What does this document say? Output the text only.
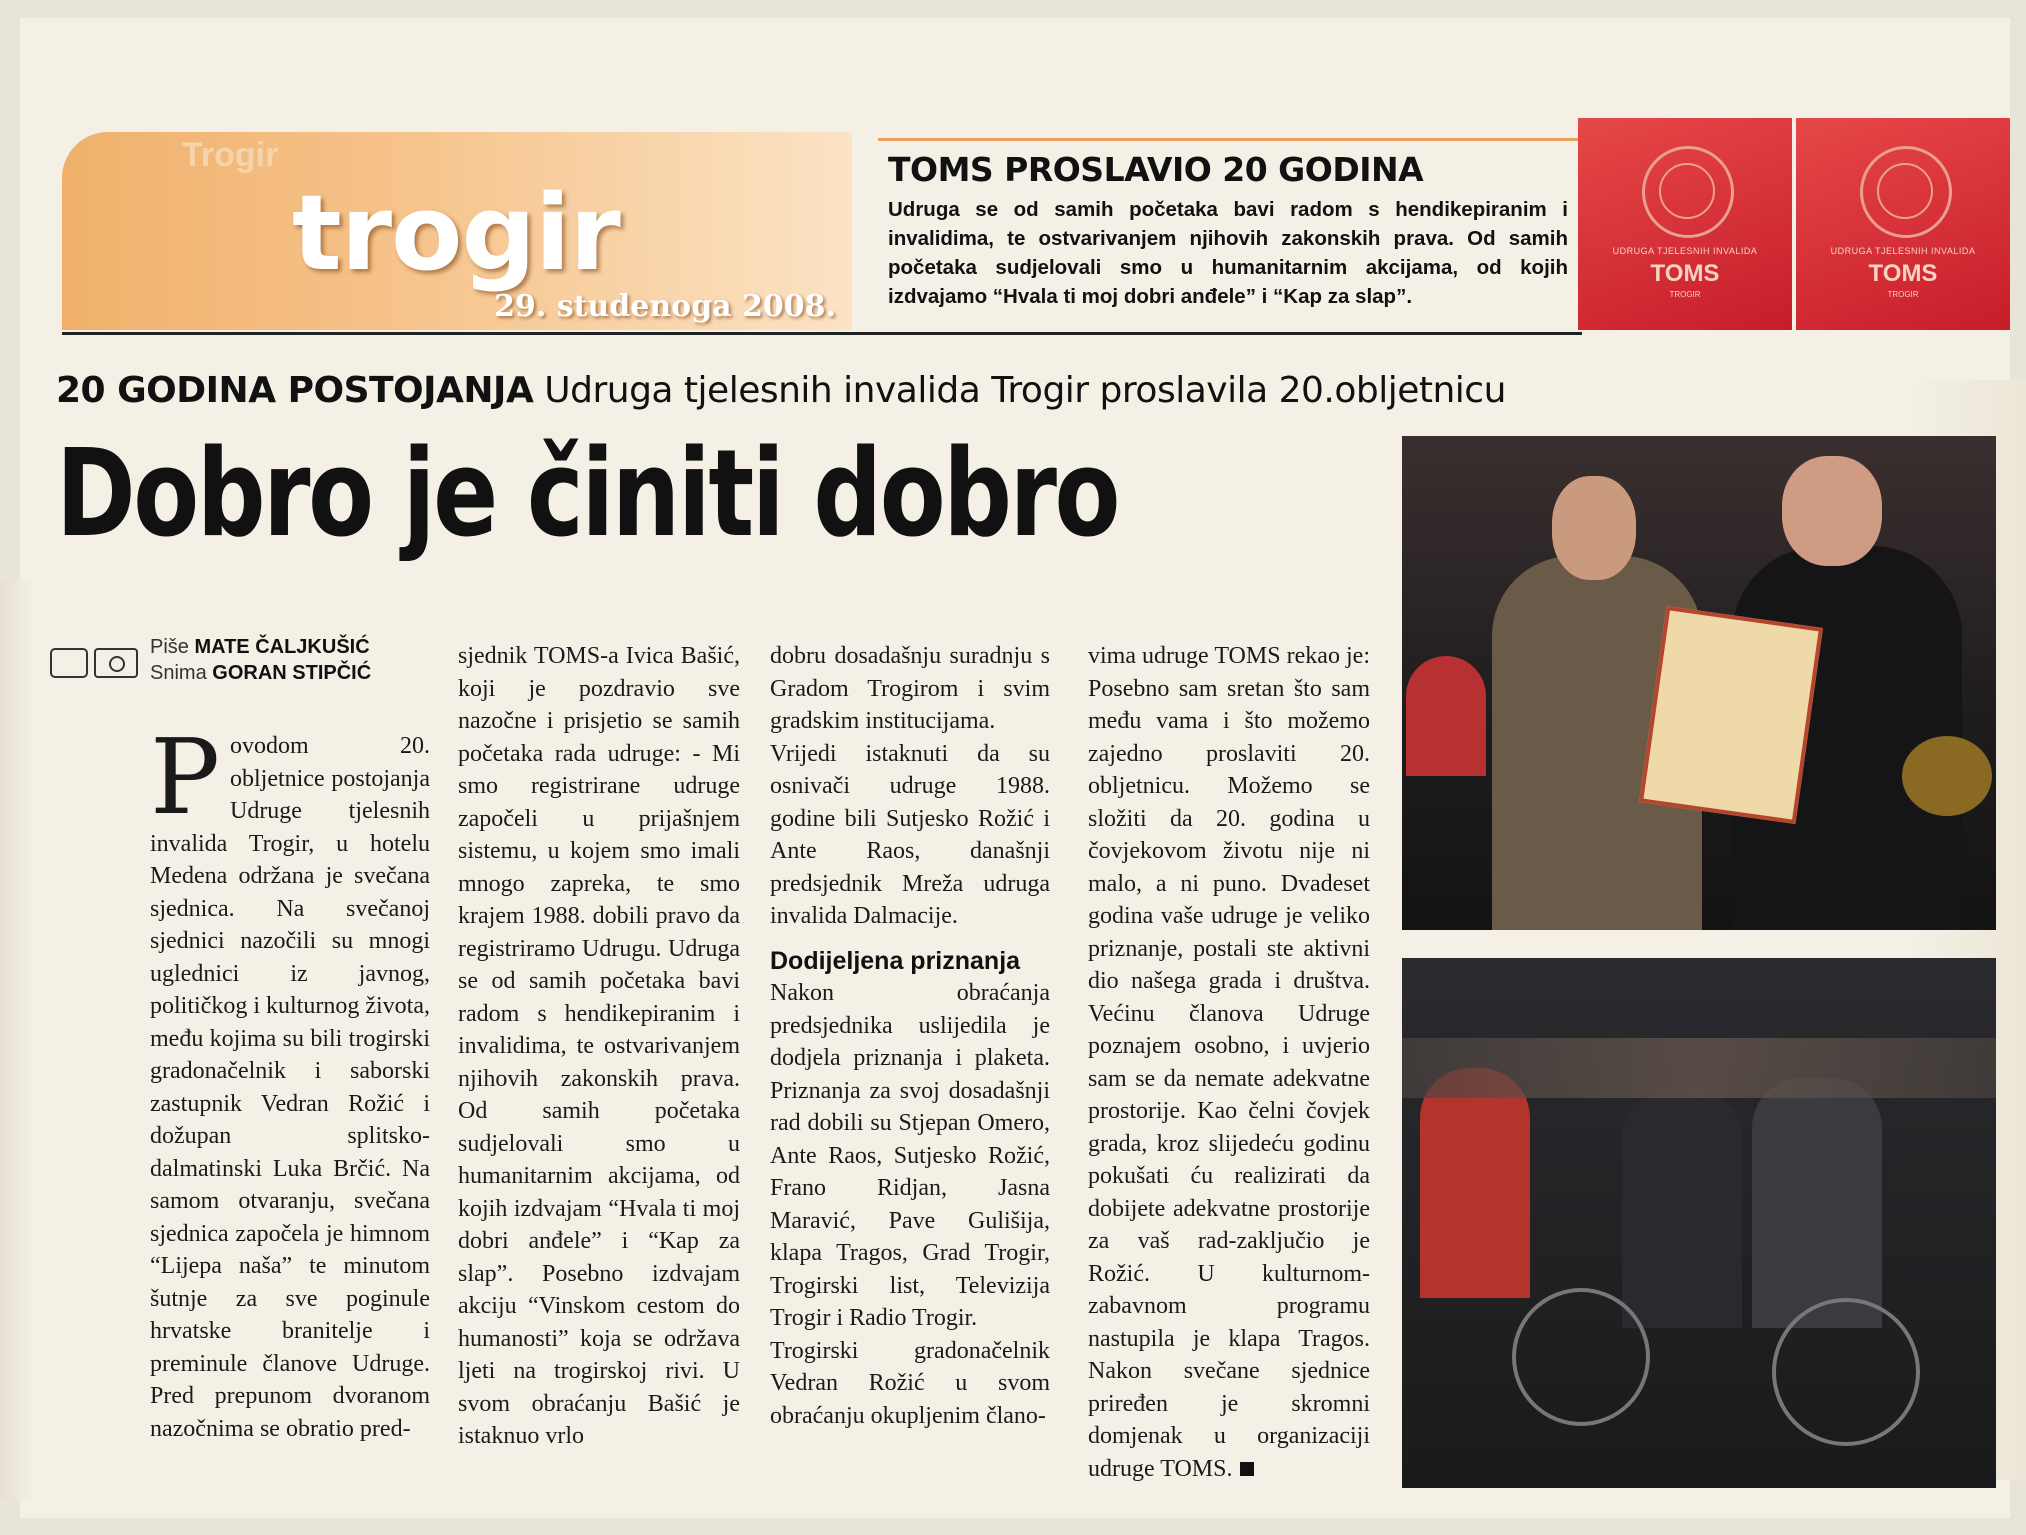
Trogir
trogir
29. studenoga 2008.
TOMS PROSLAVIO 20 GODINA

Udruga se od samih početaka bavi radom s hendikepiranim i invalidima, te ostvarivanjem njihovih zakonskih prava. Od samih početaka sudjelovali smo u humanitarnim akcijama, od kojih izdvajamo “Hvala ti moj dobri anđele” i “Kap za slap”.

UDRUGA TJELESNIH INVALIDA
TOMS
TROGIR
UDRUGA TJELESNIH INVALIDA
TOMS
TROGIR
20 GODINA POSTOJANJA Udruga tjelesnih invalida Trogir proslavila 20.obljetnicu
Dobro je činiti dobro
Piše MATE ČALJKUŠIĆ
Snima GORAN STIPČIĆ

Povodom 20. obljetnice postojanja Udruge tjelesnih invalida Trogir, u hotelu Medena održana je svečana sjednica. Na svečanoj sjednici nazočili su mnogi uglednici iz javnog, političkog i kulturnog života, među kojima su bili trogirski gradonačelnik i saborski zastupnik Vedran Rožić i dožupan splitsko-dalmatinski Luka Brčić. Na samom otvaranju, svečana sjednica započela je himnom “Lijepa naša” te minutom šutnje za sve poginule hrvatske branitelje i preminule članove Udruge. Pred prepunom dvoranom nazočnima se obratio pred-

sjednik TOMS-a Ivica Bašić, koji je pozdravio sve nazočne i prisjetio se samih početaka rada udruge: - Mi smo registrirane udruge započeli u prijašnjem sistemu, u kojem smo imali mnogo zapreka, te smo krajem 1988. dobili pravo da registriramo Udrugu. Udruga se od samih početaka bavi radom s hendikepiranim i invalidima, te ostvarivanjem njihovih zakonskih prava. Od samih početaka sudjelovali smo u humanitarnim akcijama, od kojih izdvajam “Hvala ti moj dobri anđele” i “Kap za slap”. Posebno izdvajam akciju “Vinskom cestom do humanosti” koja se održava ljeti na trogirskoj rivi. U svom obraćanju Bašić je istaknuo vrlo

dobru dosadašnju suradnju s Gradom Trogirom i svim gradskim institucijama.

Vrijedi istaknuti da su osnivači udruge 1988. godine bili Sutjesko Rožić i Ante Raos, današnji predsjednik Mreža udruga invalida Dalmacije.

Dodijeljena priznanja

Nakon obraćanja predsjednika uslijedila je dodjela priznanja i plaketa. Priznanja za svoj dosadašnji rad dobili su Stjepan Omero, Ante Raos, Sutjesko Rožić, Frano Ridjan, Jasna Maravić, Pave Gulišija, klapa Tragos, Grad Trogir, Trogirski list, Televizija Trogir i Radio Trogir.

Trogirski gradonačelnik Vedran Rožić u svom obraćanju okupljenim člano-

vima udruge TOMS rekao je: Posebno sam sretan što sam među vama i što možemo zajedno proslaviti 20. obljetnicu. Možemo se složiti da 20. godina u čovjekovom životu nije ni malo, a ni puno. Dvadeset godina vaše udruge je veliko priznanje, postali ste aktivni dio našega grada i društva. Većinu članova Udruge poznajem osobno, i uvjerio sam se da nemate adekvatne prostorije. Kao čelni čovjek grada, kroz slijedeću godinu pokušati ću realizirati da dobijete adekvatne prostorije za vaš rad-zaključio je Rožić. U kulturnom-zabavnom programu nastupila je klapa Tragos. Nakon svečane sjednice priređen je skromni domjenak u organizaciji udruge TOMS.
